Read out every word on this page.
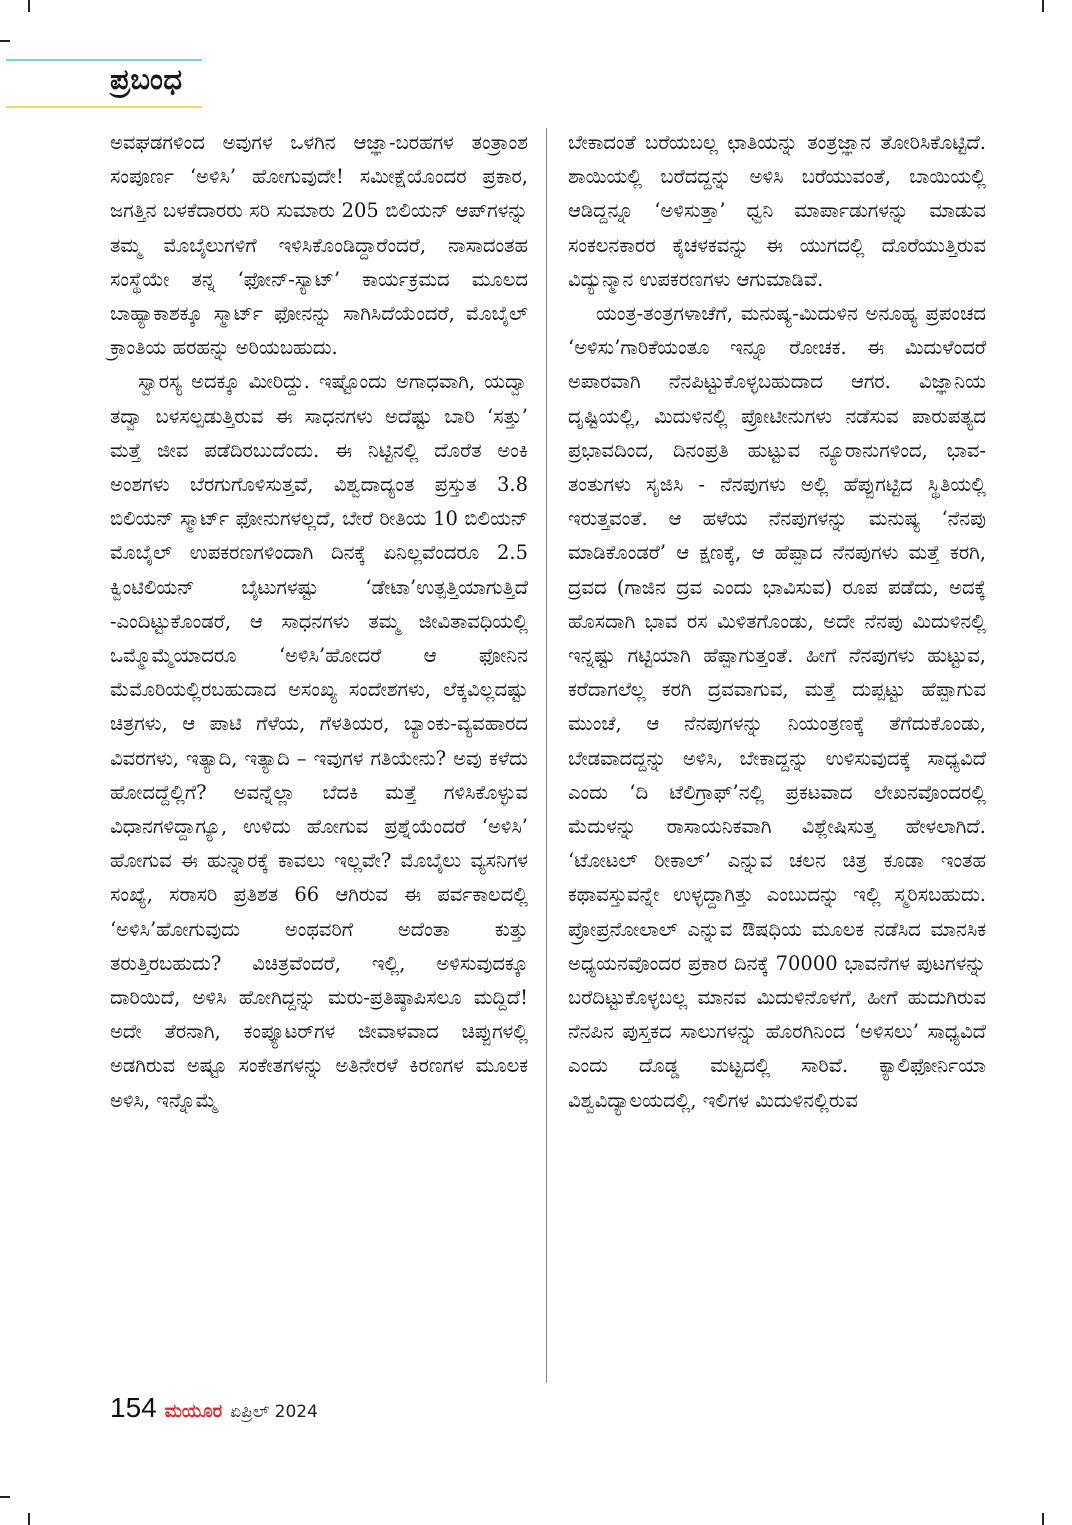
ಪ್ರಬಂಧ

ಅವಘಡಗಳಿಂದ ಅವುಗಳ ಒಳಗಿನ ಆಜ್ಞಾ-ಬರಹಗಳ ತಂತ್ರಾಂಶ ಸಂಪೂರ್ಣ ‘ಅಳಿಸಿ’ ಹೋಗುವುದೇ! ಸಮೀಕ್ಷೆಯೊಂದರ ಪ್ರಕಾರ, ಜಗತ್ತಿನ ಬಳಕೆದಾರರು ಸರಿ ಸುಮಾರು 205 ಬಿಲಿಯನ್ ಆಪ್‌ಗಳನ್ನು ತಮ್ಮ ಮೊಬೈಲುಗಳಿಗೆ ಇಳಿಸಿಕೊಂಡಿದ್ದಾರೆಂದರೆ, ನಾಸಾದಂತಹ ಸಂಸ್ಥೆಯೇ ತನ್ನ ‘ಫೋನ್-ಸ್ಯಾಟ್’ ಕಾರ್ಯಕ್ರಮದ ಮೂಲದ ಬಾಹ್ಯಾಕಾಶಕ್ಕೂ ಸ್ಮಾರ್ಟ್ ಫೋನನ್ನು ಸಾಗಿಸಿದೆಯೆಂದರೆ, ಮೊಬೈಲ್ ಕ್ರಾಂತಿಯ ಹರಹನ್ನು ಅರಿಯಬಹುದು.

ಸ್ವಾರಸ್ಯ ಅದಕ್ಕೂ ಮೀರಿದ್ದು. ಇಷ್ಟೊಂದು ಅಗಾಧವಾಗಿ, ಯದ್ವಾ ತದ್ವಾ ಬಳಸಲ್ಪಡುತ್ತಿರುವ ಈ ಸಾಧನಗಳು ಅದೆಷ್ಟು ಬಾರಿ ‘ಸತ್ತು’ ಮತ್ತೆ ಜೀವ ಪಡೆದಿರಬುದೆಂದು. ಈ ನಿಟ್ಟಿನಲ್ಲಿ ದೊರೆತ ಅಂಕಿ ಅಂಶಗಳು ಬೆರಗುಗೊಳಿಸುತ್ತವೆ, ವಿಶ್ವದಾದ್ಯಂತ ಪ್ರಸ್ತುತ 3.8 ಬಿಲಿಯನ್ ಸ್ಮಾರ್ಟ್ ಫೋನುಗಳಲ್ಲದೆ, ಬೇರೆ ರೀತಿಯ 10 ಬಿಲಿಯನ್ ಮೊಬೈಲ್ ಉಪಕರಣಗಳಿಂದಾಗಿ ದಿನಕ್ಕೆ ಏನಿಲ್ಲವೆಂದರೂ 2.5 ಕ್ವಿಂಟಿಲಿಯನ್ ಬೈಟುಗಳಷ್ಟು ‘ಡೇಟಾ’ಉತ್ಪತ್ತಿಯಾಗುತ್ತಿದೆ -ಎಂದಿಟ್ಟುಕೊಂಡರೆ, ಆ ಸಾಧನಗಳು ತಮ್ಮ ಜೀವಿತಾವಧಿಯಲ್ಲಿ ಒಮ್ಮೊಮ್ಮೆಯಾದರೂ ‘ಅಳಿಸಿ’ಹೋದರೆ ಆ ಫೋನಿನ ಮೆಮೊರಿಯಲ್ಲಿರಬಹುದಾದ ಅಸಂಖ್ಯ ಸಂದೇಶಗಳು, ಲೆಕ್ಕವಿಲ್ಲದಷ್ಟು ಚಿತ್ರಗಳು, ಆ ಪಾಟಿ ಗೆಳೆಯ, ಗೆಳತಿಯರ, ಬ್ಯಾಂಕು-ವ್ಯವಹಾರದ ವಿವರಗಳು, ಇತ್ಯಾದಿ, ಇತ್ಯಾದಿ – ಇವುಗಳ ಗತಿಯೇನು? ಅವು ಕಳೆದು ಹೋದದ್ದೆಲ್ಲಿಗೆ? ಅವನ್ನೆಲ್ಲಾ ಬೆದಕಿ ಮತ್ತೆ ಗಳಿಸಿಕೊಳ್ಳುವ ವಿಧಾನಗಳಿದ್ದಾಗ್ಯೂ, ಉಳಿದು ಹೋಗುವ ಪ್ರಶ್ನೆಯೆಂದರೆ ‘ಅಳಿಸಿ’ ಹೋಗುವ ಈ ಹುನ್ನಾರಕ್ಕೆ ಕಾವಲು ಇಲ್ಲವೇ? ಮೊಬೈಲು ವ್ಯಸನಿಗಳ ಸಂಖ್ಯೆ, ಸರಾಸರಿ ಪ್ರತಿಶತ 66 ಆಗಿರುವ ಈ ಪರ್ವಕಾಲದಲ್ಲಿ ‘ಅಳಿಸಿ’ಹೋಗುವುದು ಅಂಥವರಿಗೆ ಅದೆಂತಾ ಕುತ್ತು ತರುತ್ತಿರಬಹುದು? ವಿಚಿತ್ರವೆಂದರೆ, ಇಲ್ಲಿ, ಅಳಿಸುವುದಕ್ಕೂ ದಾರಿಯಿದೆ, ಅಳಿಸಿ ಹೋಗಿದ್ದನ್ನು ಮರು-ಪ್ರತಿಷ್ಠಾಪಿಸಲೂ ಮದ್ದಿದೆ! ಅದೇ ತೆರನಾಗಿ, ಕಂಪ್ಯೂಟರ್‌ಗಳ ಜೀವಾಳವಾದ ಚಿಪ್ಪುಗಳಲ್ಲಿ ಅಡಗಿರುವ ಅಷ್ಟೂ ಸಂಕೇತಗಳನ್ನು ಅತಿನೇರಳೆ ಕಿರಣಗಳ ಮೂಲಕ ಅಳಿಸಿ, ಇನ್ನೊಮ್ಮೆ

ಬೇಕಾದಂತೆ ಬರೆಯಬಲ್ಲ ಛಾತಿಯನ್ನು ತಂತ್ರಜ್ಞಾನ ತೋರಿಸಿಕೊಟ್ಟಿದೆ. ಶಾಯಿಯಲ್ಲಿ ಬರೆದದ್ದನ್ನು ಅಳಿಸಿ ಬರೆಯುವಂತೆ, ಬಾಯಿಯಲ್ಲಿ ಆಡಿದ್ದನ್ನೂ ‘ಅಳಿಸುತ್ತಾ’ ಧ್ವನಿ ಮಾರ್ಪಾಡುಗಳನ್ನು ಮಾಡುವ ಸಂಕಲನಕಾರರ ಕೈಚಳಕವನ್ನು ಈ ಯುಗದಲ್ಲಿ ದೊರೆಯುತ್ತಿರುವ ವಿದ್ಯುನ್ಮಾನ ಉಪಕರಣಗಳು ಆಗುಮಾಡಿವೆ.

ಯಂತ್ರ-ತಂತ್ರಗಳಾಚೆಗೆ, ಮನುಷ್ಯ-ಮಿದುಳಿನ ಅನೂಹ್ಯ ಪ್ರಪಂಚದ ‘ಅಳಿಸು’ಗಾರಿಕೆಯಂತೂ ಇನ್ನೂ ರೋಚಕ. ಈ ಮಿದುಳೆಂದರೆ ಅಪಾರವಾಗಿ ನೆನಪಿಟ್ಟುಕೊಳ್ಳಬಹುದಾದ ಆಗರ. ವಿಜ್ಞಾನಿಯ ದೃಷ್ಟಿಯಲ್ಲಿ, ಮಿದುಳಿನಲ್ಲಿ ಪ್ರೋಟೀನುಗಳು ನಡೆಸುವ ಪಾರುಪತ್ಯದ ಪ್ರಭಾವದಿಂದ, ದಿನಂಪ್ರತಿ ಹುಟ್ಟುವ ನ್ಯೂರಾನುಗಳಿಂದ, ಭಾವ-ತಂತುಗಳು ಸೃಜಿಸಿ - ನೆನಪುಗಳು ಅಲ್ಲಿ ಹೆಪ್ಪುಗಟ್ಟಿದ ಸ್ಥಿತಿಯಲ್ಲಿ ಇರುತ್ತವಂತೆ. ಆ ಹಳೆಯ ನೆನಪುಗಳನ್ನು ಮನುಷ್ಯ ‘ನೆನಪು ಮಾಡಿಕೊಂಡರೆ’ ಆ ಕ್ಷಣಕ್ಕೆ, ಆ ಹೆಪ್ಪಾದ ನೆನಪುಗಳು ಮತ್ತೆ ಕರಗಿ, ದ್ರವದ (ಗಾಜಿನ ದ್ರವ ಎಂದು ಭಾವಿಸುವ) ರೂಪ ಪಡೆದು, ಅದಕ್ಕೆ ಹೊಸದಾಗಿ ಭಾವ ರಸ ಮಿಳಿತಗೊಂಡು, ಅದೇ ನೆನಪು ಮಿದುಳಿನಲ್ಲಿ ಇನ್ನಷ್ಟು ಗಟ್ಟಿಯಾಗಿ ಹೆಪ್ಪಾಗುತ್ತಂತೆ. ಹೀಗೆ ನೆನಪುಗಳು ಹುಟ್ಟುವ, ಕರೆದಾಗಲೆಲ್ಲ ಕರಗಿ ದ್ರವವಾಗುವ, ಮತ್ತೆ ದುಪ್ಪಟ್ಟು ಹೆಪ್ಪಾಗುವ ಮುಂಚೆ, ಆ ನೆನಪುಗಳನ್ನು ನಿಯಂತ್ರಣಕ್ಕೆ ತೆಗೆದುಕೊಂಡು, ಬೇಡವಾದದ್ದನ್ನು ಅಳಿಸಿ, ಬೇಕಾದ್ದನ್ನು ಉಳಿಸುವುದಕ್ಕೆ ಸಾಧ್ಯವಿದೆ ಎಂದು ‘ದಿ ಟೆಲಿಗ್ರಾಫ್’ನಲ್ಲಿ ಪ್ರಕಟವಾದ ಲೇಖನವೊಂದರಲ್ಲಿ ಮೆದುಳನ್ನು ರಾಸಾಯನಿಕವಾಗಿ ವಿಶ್ಲೇಷಿಸುತ್ತ ಹೇಳಲಾಗಿದೆ. ‘ಟೋಟಲ್ ರೀಕಾಲ್’ ಎನ್ನುವ ಚಲನ ಚಿತ್ರ ಕೂಡಾ ಇಂತಹ ಕಥಾವಸ್ತುವನ್ನೇ ಉಳ್ಳದ್ದಾಗಿತ್ತು ಎಂಬುದನ್ನು ಇಲ್ಲಿ ಸ್ಮರಿಸಬಹುದು. ಪ್ರೋಪ್ರನೋಲಾಲ್ ಎನ್ನುವ ಔಷಧಿಯ ಮೂಲಕ ನಡೆಸಿದ ಮಾನಸಿಕ ಅಧ್ಯಯನವೊಂದರ ಪ್ರಕಾರ ದಿನಕ್ಕೆ 70000 ಭಾವನೆಗಳ ಪುಟಗಳನ್ನು ಬರೆದಿಟ್ಟುಕೊಳ್ಳಬಲ್ಲ ಮಾನವ ಮಿದುಳಿನೊಳಗೆ, ಹೀಗೆ ಹುದುಗಿರುವ ನೆನಪಿನ ಪುಸ್ತಕದ ಸಾಲುಗಳನ್ನು ಹೊರಗಿನಿಂದ ‘ಅಳಿಸಲು’ ಸಾಧ್ಯವಿದೆ ಎಂದು ದೊಡ್ಡ ಮಟ್ಟದಲ್ಲಿ ಸಾರಿವೆ. ಕ್ಯಾಲಿಫೋರ್ನಿಯಾ ವಿಶ್ವವಿದ್ಯಾಲಯದಲ್ಲಿ, ಇಲಿಗಳ ಮಿದುಳಿನಲ್ಲಿರುವ

154 ಮಯೂರ ಏಪ್ರಿಲ್ 2024
